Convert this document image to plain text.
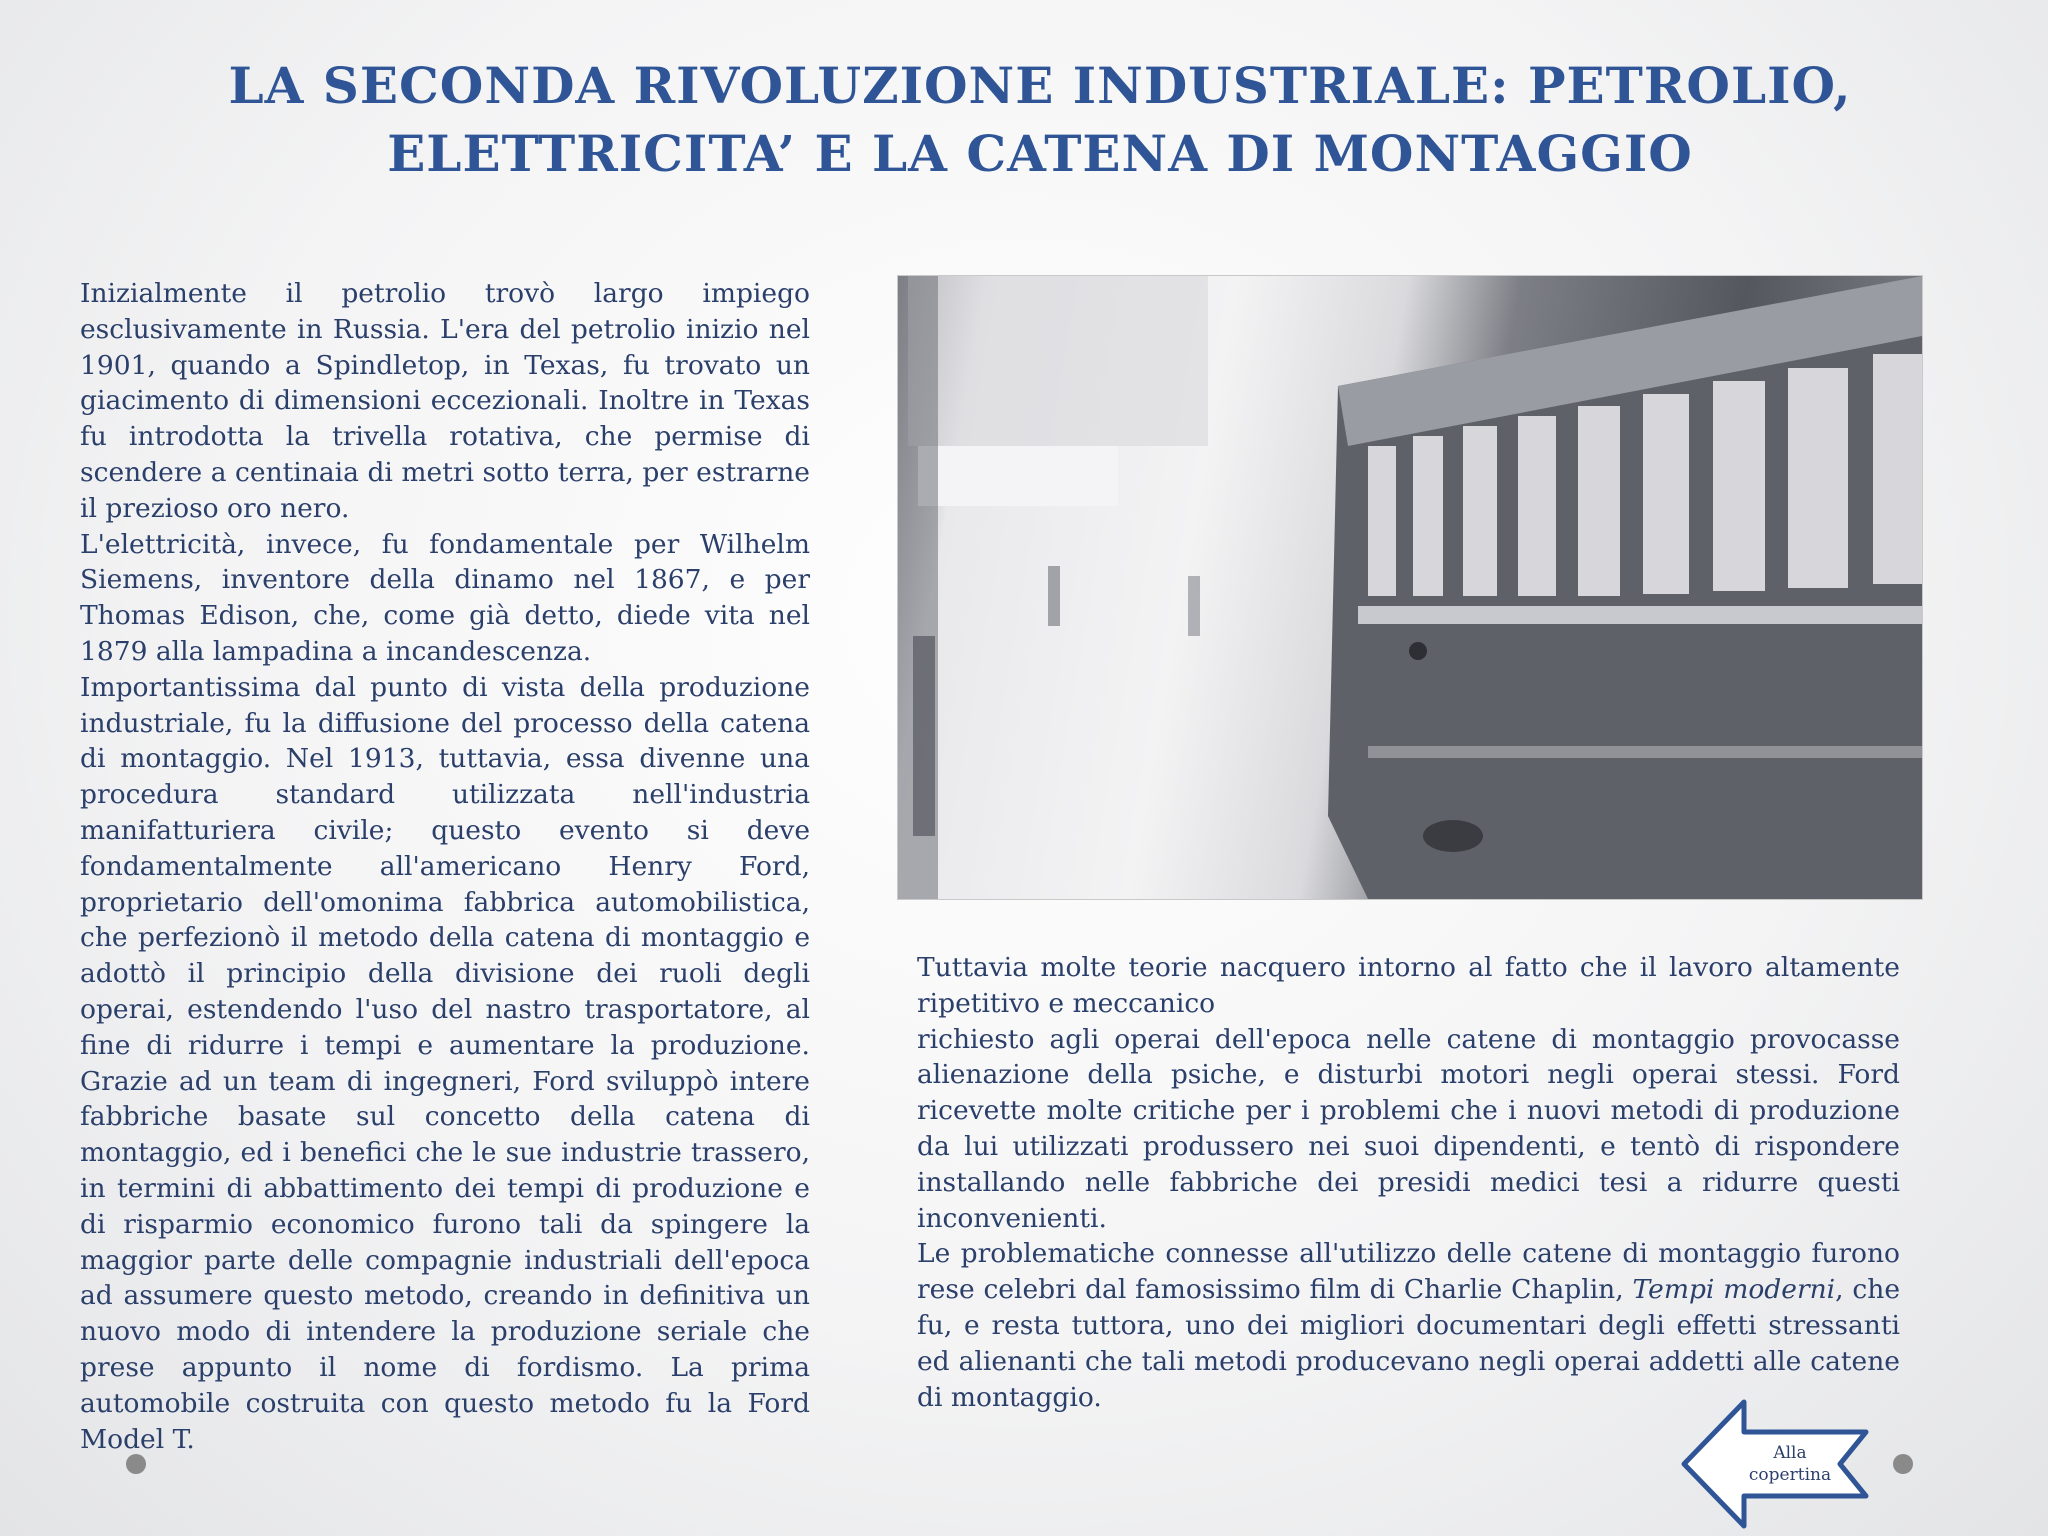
LA SECONDA RIVOLUZIONE INDUSTRIALE: PETROLIO,
ELETTRICITA’ E LA CATENA DI MONTAGGIO

Inizialmente il petrolio trovò largo impiego esclusivamente in Russia. L'era del petrolio inizio nel 1901, quando a Spindletop, in Texas, fu trovato un giacimento di dimensioni eccezionali. Inoltre in Texas fu introdotta la trivella rotativa, che permise di scendere a centinaia di metri sotto terra, per estrarne il prezioso oro nero.

L'elettricità, invece, fu fondamentale per Wilhelm Siemens, inventore della dinamo nel 1867, e per Thomas Edison, che, come già detto, diede vita nel 1879 alla lampadina a incandescenza.

Importantissima dal punto di vista della produzione industriale, fu la diffusione del processo della catena di montaggio. Nel 1913, tuttavia, essa divenne una procedura standard utilizzata nell'industria manifatturiera civile; questo evento si deve fondamentalmente all'americano Henry Ford, proprietario dell'omonima fabbrica automobilistica, che perfezionò il metodo della catena di montaggio e adottò il principio della divisione dei ruoli degli operai, estendendo l'uso del nastro trasportatore, al fine di ridurre i tempi e aumentare la produzione. Grazie ad un team di ingegneri, Ford sviluppò intere fabbriche basate sul concetto della catena di montaggio, ed i benefici che le sue industrie trassero, in termini di abbattimento dei tempi di produzione e di risparmio economico furono tali da spingere la maggior parte delle compagnie industriali dell'epoca ad assumere questo metodo, creando in definitiva un nuovo modo di intendere la produzione seriale che prese appunto il nome di fordismo. La prima automobile costruita con questo metodo fu la Ford Model T.

Tuttavia molte teorie nacquero intorno al fatto che il lavoro altamente ripetitivo e meccanico
richiesto agli operai dell'epoca nelle catene di montaggio provocasse alienazione della psiche, e disturbi motori negli operai stessi. Ford ricevette molte critiche per i problemi che i nuovi metodi di produzione da lui utilizzati produssero nei suoi dipendenti, e tentò di rispondere installando nelle fabbriche dei presidi medici tesi a ridurre questi inconvenienti.

Le problematiche connesse all'utilizzo delle catene di montaggio furono rese celebri dal famosissimo film di Charlie Chaplin, Tempi moderni, che fu, e resta tuttora, uno dei migliori documentari degli effetti stressanti ed alienanti che tali metodi producevano negli operai addetti alle catene di montaggio.

Alla
copertina
